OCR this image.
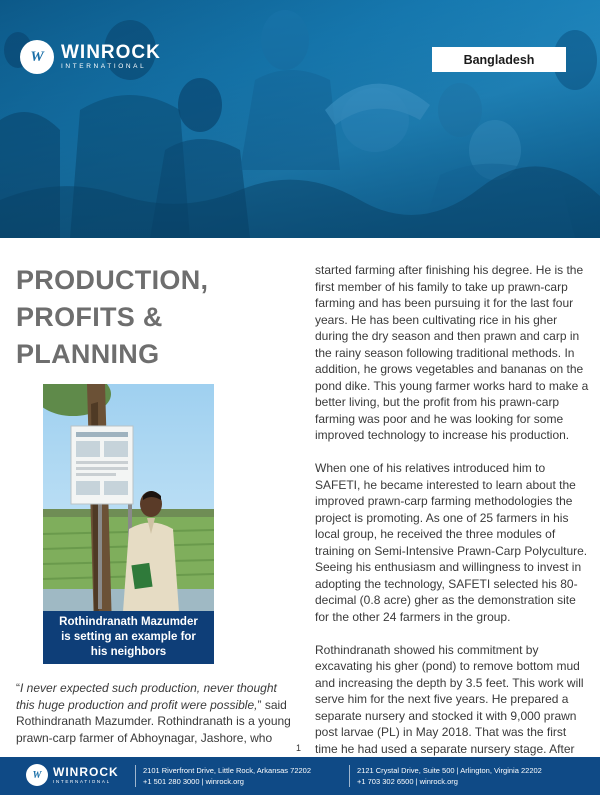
W WINROCK
INTERNATIONAL
Bangladesh
PRODUCTION,
PROFITS &
PLANNING
Rothindranath Mazumder
is setting an example for
his neighbors
“I never expected such production, never thought this huge production and profit were possible,” said Rothindranath Mazumder. Rothindranath is a young prawn-carp farmer of Abhoynagar, Jashore, who

started farming after finishing his degree. He is the first member of his family to take up prawn-carp farming and has been pursuing it for the last four years. He has been cultivating rice in his gher during the dry season and then prawn and carp in the rainy season following traditional methods. In addition, he grows vegetables and bananas on the pond dike. This young farmer works hard to make a better living, but the profit from his prawn-carp farming was poor and he was looking for some improved technology to increase his production.

When one of his relatives introduced him to SAFETI, he became interested to learn about the improved prawn-carp farming methodologies the project is promoting. As one of 25 farmers in his local group, he received the three modules of training on Semi-Intensive Prawn-Carp Polyculture. Seeing his enthusiasm and willingness to invest in adopting the technology, SAFETI selected his 80-decimal (0.8 acre) gher as the demonstration site for the other 24 farmers in the group.

Rothindranath showed his commitment by excavating his gher (pond) to remove bottom mud and increasing the depth by 3.5 feet. This work will serve him for the next five years. He prepared a separate nursery and stocked it with 9,000 prawn post larvae (PL) in May 2018. That was the first time he had used a separate nursery stage. After

1
W WINROCK
INTERNATIONAL
2101 Riverfront Drive, Little Rock, Arkansas 72202
+1 501 280 3000 | winrock.org
2121 Crystal Drive, Suite 500 | Arlington, Virginia 22202
+1 703 302 6500 | winrock.org
